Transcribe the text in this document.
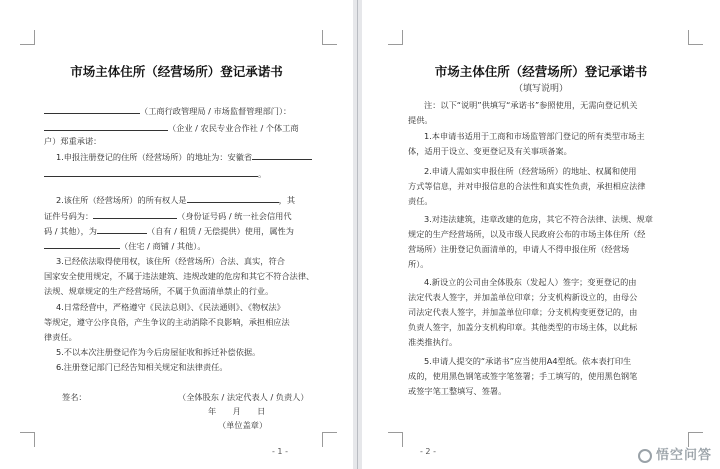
市场主体住所（经营场所）登记承诺书
（工商行政管理局 / 市场监督管理部门）：
（企业 / 农民专业合作社 / 个体工商
户）郑重承诺：
1.申报注册登记的住所（经营场所）的地址为：安徽省
。
2.该住所（经营场所）的所有权人是	，其
证件号码为：	（身份证号码 / 统一社会信用代
码 / 其他），为	（自有 / 租赁 / 无偿提供）使用，属性为
（住宅 / 商铺 / 其他）。
3.已经依法取得使用权，该住所（经营场所）合法、真实，符合
国家安全使用规定，不属于违法建筑、违规改建的危房和其它不符合法律、
法规、规章规定的生产经营场所，不属于负面清单禁止的行业。
4.日常经营中，严格遵守《民法总则》、《民法通则》、《物权法》
等规定，遵守公序良俗，产生争议的主动消除不良影响，承担相应法
律责任。
5.不以本次注册登记作为今后房屋征收和拆迁补偿依据。
6.注册登记部门已经告知相关规定和法律责任。
签名：	（全体股东 / 法定代表人 / 负责人）
年　　月　　日
（单位盖章）
- 1 -
市场主体住所（经营场所）登记承诺书
（填写说明）
注：以下“说明”供填写“承诺书”参照使用，无需向登记机关
提供。
1.本申请书适用于工商和市场监管部门登记的所有类型市场主
体，适用于设立、变更登记及有关事项备案。
2.申请人需如实申报住所（经营场所）的地址、权属和使用
方式等信息，并对申报信息的合法性和真实性负责，承担相应法律
责任。
3.对违法建筑，违章改建的危房，其它不符合法律、法规、规章
规定的生产经营场所，以及市级人民政府公布的市场主体住所（经
营场所）注册登记负面清单的，申请人不得申报住所（经营场
所）。
4.新设立的公司由全体股东（发起人）签字；变更登记的由
法定代表人签字，并加盖单位印章；分支机构新设立的，由母公
司法定代表人签字，并加盖单位印章；分支机构变更登记的，由
负责人签字，加盖分支机构印章。其他类型的市场主体，以此标
准类推执行。
5.申请人提交的“承诺书”应当使用A4型纸。依本表打印生
成的，使用黑色钢笔或签字笔签署；手工填写的，使用黑色钢笔
或签字笔工整填写、签署。
- 2 -	悟空问答
